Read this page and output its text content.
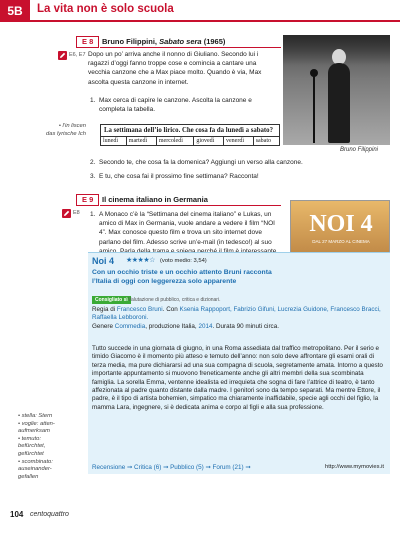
5B	La vita non è solo scuola
E 8	Bruno Filippini, Sabato sera (1965)
E6, E7 Dopo un po’ arriva anche il nonno di Giuliano. Secondo lui i ragazzi d’oggi fanno troppe cose e comincia a cantare una vecchia canzone che a Max piace molto. Quando è via, Max ascolta questa canzone in internet.
1. Max cerca di capire le canzone. Ascolta la canzone e completa la tabella.
Bruno Filippini
• l’in liscen
das lyrische Ich	La settimana dell’io lirico. Che cosa fa da lunedì a sabato?
lunedì	martedì	mercoledì	giovedì	venerdì	sabato
2. Secondo te, che cosa fa la domenica? Aggiungi un verso alla canzone.
3. E tu, che cosa fai il prossimo fine settimana? Racconta!
E 9	Il cinema italiano in Germania
E8 1. A Monaco c’è la “Settimana del cinema italiano” e Lukas, un amico di Max in Germania, vuole andare a vedere il film “NOI 4”. Max conosce questo film e trova un sito internet dove parlano del film. Adesso scrive un’e-mail (in tedesco!) al suo
NOI 4
DAL 27 MARZO AL CINEMA
• stella: Stern
• voglie: atten-
aufmerksam
• temuto:
befürchtet,
gefürchtet
• scombinato:
auseinander-
gefallen
Noi 4 ★★★★☆ (voto medio: 3,54)
Con un occhio triste e un occhio attento Bruni racconta l’Italia di oggi con leggerezza solo apparente
Consigliato sì Valutazione di pubblico, critica e dizionari.
Regia di Francesco Bruni. Con Ksenia Rappoport, Fabrizio Gifuni, Lucrezia Guidone, Francesco Bracci, Raffaella Lebboroni.
Genere Commedia, produzione Italia, 2014. Durata 90 minuti circa.
Tutto succede in una giornata di giugno, in una Roma assediata dal traffico metropolitano. Per il serio e timido Giacomo è il momento più atteso e temuto dell’anno: non solo deve affrontare gli esami orali di terza media, ma pure dichiararsi ad una sua compagna di scuola, segretamente amata. Intorno a questo importante appuntamento si muovono freneticamente anche gli altri membri della sua scombinata famiglia. La sorella Emma, ventenne idealista ed irrequieta che sogna di fare l’attrice di teatro, è tanto affezionata al padre quanto distante dalla madre. I genitori sono da tempo separati. Ma mentre Ettore, il padre, è il tipo di artista bohemien, simpatico ma chiaramente inaffidabile, specie agli occhi del figlio, la mamma Lara, ingegnere, si è dedicata anima e corpo al figli e alla sua professione.
Recensione ➞ Critica (6) ➞ Pubblico (5) ➞ Forum (21) ➞	http://www.mymovies.it
104 centoquattro
